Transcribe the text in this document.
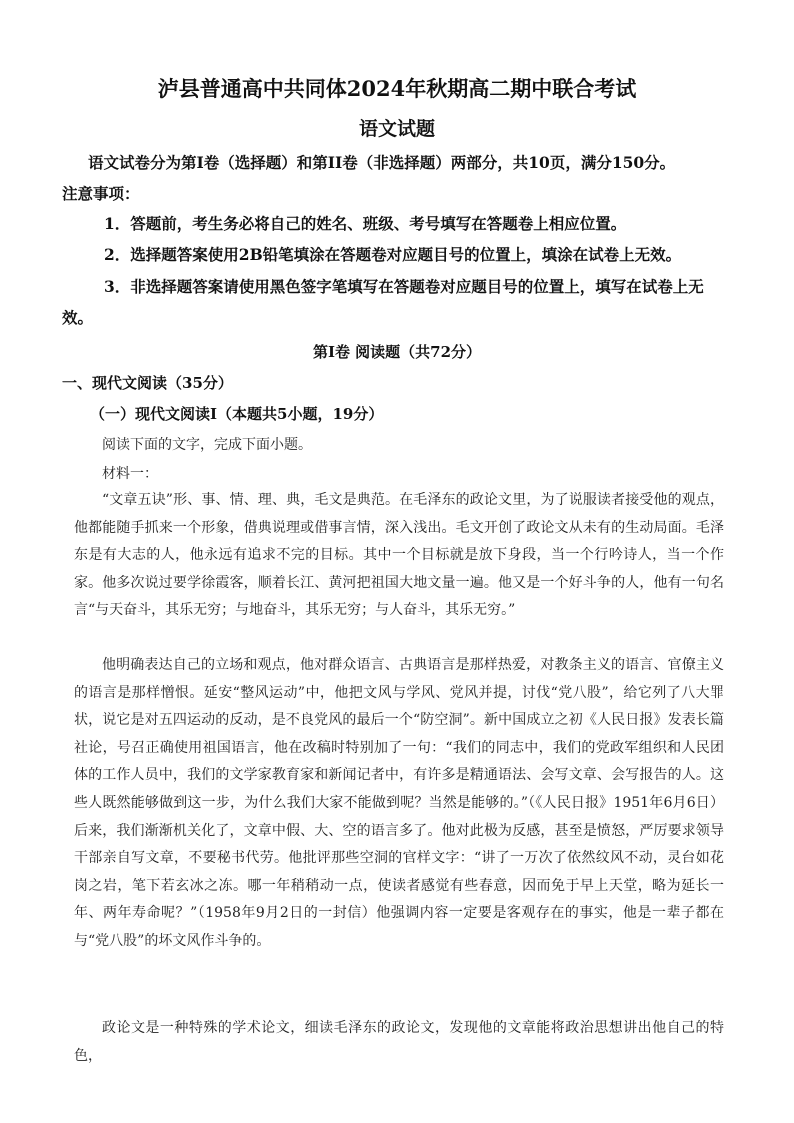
泸县普通高中共同体2024年秋期高二期中联合考试
语文试题
语文试卷分为第I卷（选择题）和第II卷（非选择题）两部分，共10页，满分150分。
注意事项：
1．答题前，考生务必将自己的姓名、班级、考号填写在答题卷上相应位置。
2．选择题答案使用2B铅笔填涂在答题卷对应题目号的位置上，填涂在试卷上无效。
3．非选择题答案请使用黑色签字笔填写在答题卷对应题目号的位置上，填写在试卷上无
效。
第I卷 阅读题（共72分）
一、现代文阅读（35分）
（一）现代文阅读I（本题共5小题，19分）
阅读下面的文字，完成下面小题。
材料一：

“文章五诀”形、事、情、理、典，毛文是典范。在毛泽东的政论文里，为了说服读者接受他的观点，他都能随手抓来一个形象，借典说理或借事言情，深入浅出。毛文开创了政论文从未有的生动局面。毛泽东是有大志的人，他永远有追求不完的目标。其中一个目标就是放下身段，当一个行吟诗人，当一个作家。他多次说过要学徐霞客，顺着长江、黄河把祖国大地文量一遍。他又是一个好斗争的人，他有一句名言“与天奋斗，其乐无穷；与地奋斗，其乐无穷；与人奋斗，其乐无穷。”

他明确表达自己的立场和观点，他对群众语言、古典语言是那样热爱，对教条主义的语言、官僚主义的语言是那样憎恨。延安“整风运动”中，他把文风与学风、党风并提，讨伐“党八股”，给它列了八大罪状，说它是对五四运动的反动，是不良党风的最后一个“防空洞”。新中国成立之初《人民日报》发表长篇社论，号召正确使用祖国语言，他在改稿时特别加了一句：“我们的同志中，我们的党政军组织和人民团体的工作人员中，我们的文学家教育家和新闻记者中，有许多是精通语法、会写文章、会写报告的人。这些人既然能够做到这一步，为什么我们大家不能做到呢？当然是能够的。”（《人民日报》1951年6月6日）后来，我们渐渐机关化了，文章中假、大、空的语言多了。他对此极为反感，甚至是愤怒，严厉要求领导干部亲自写文章，不要秘书代劳。他批评那些空洞的官样文字：“讲了一万次了依然纹风不动，灵台如花岗之岩，笔下若玄冰之冻。哪一年稍稍动一点，使读者感觉有些春意，因而免于早上天堂，略为延长一年、两年寿命呢？”（1958年9月2日的一封信）他强调内容一定要是客观存在的事实，他是一辈子都在与“党八股”的坏文风作斗争的。

政论文是一种特殊的学术论文，细读毛泽东的政论文，发现他的文章能将政治思想讲出他自己的特色，
